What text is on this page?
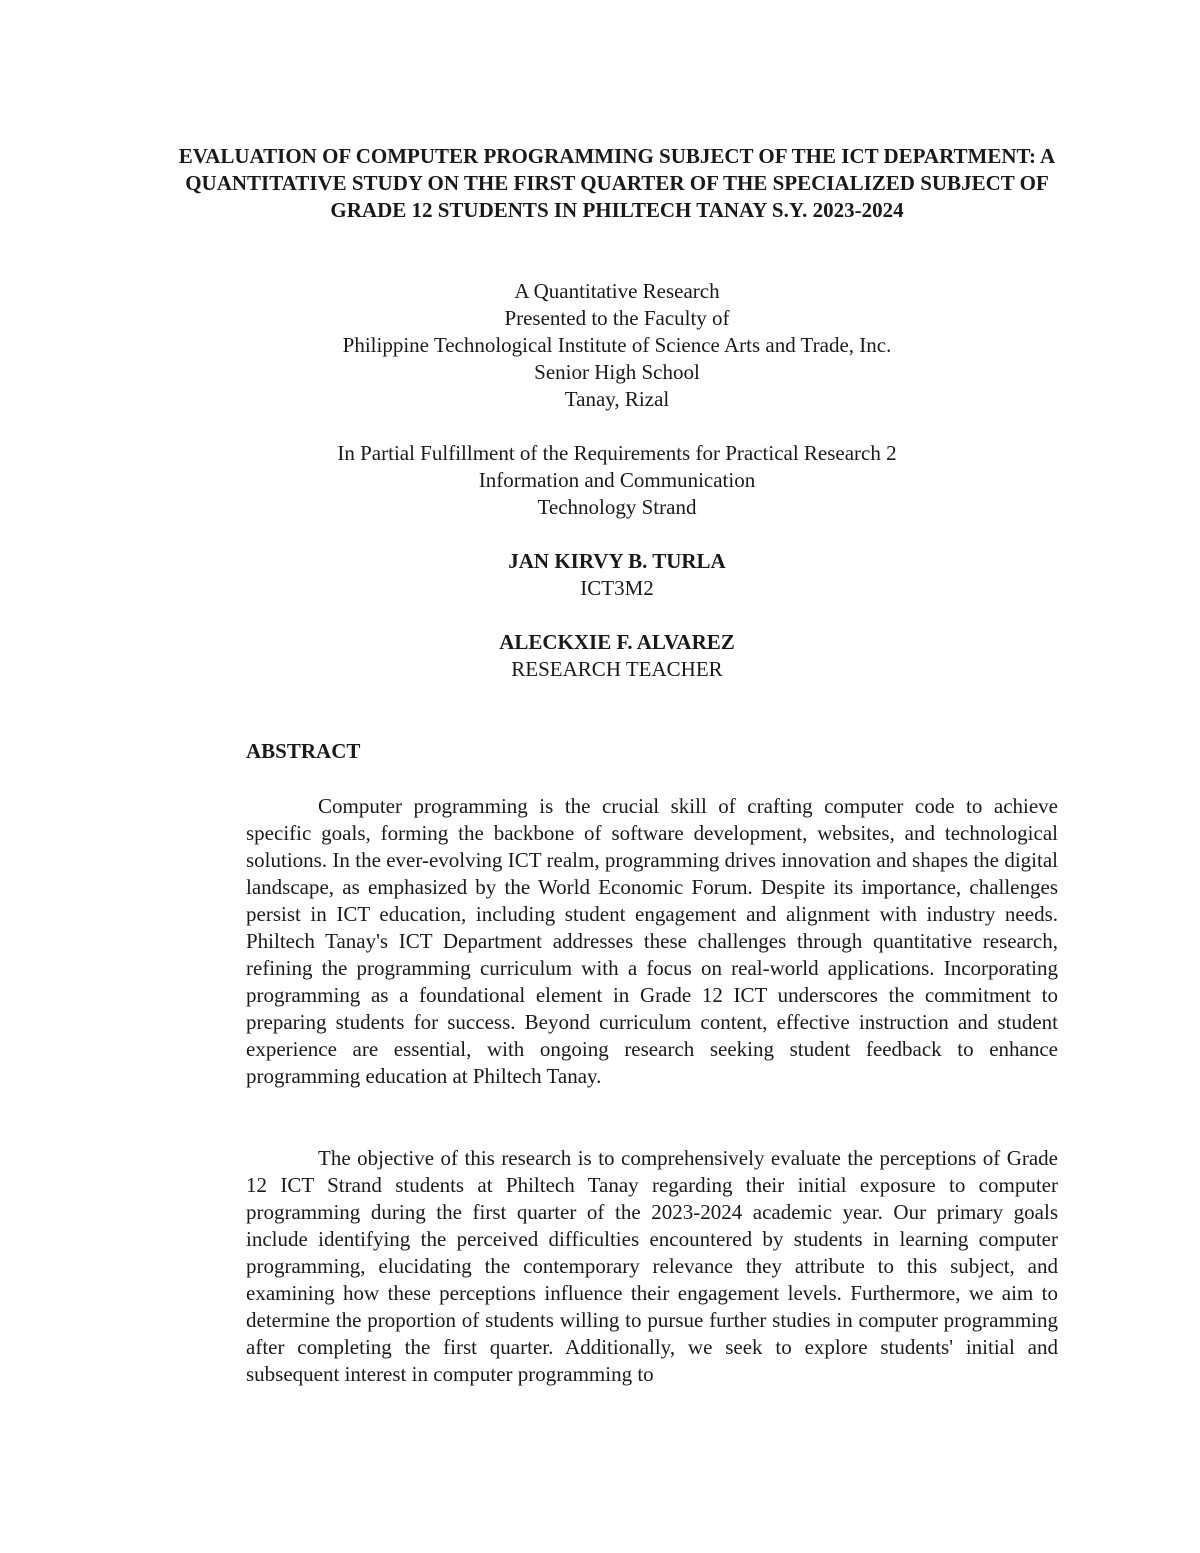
EVALUATION OF COMPUTER PROGRAMMING SUBJECT OF THE ICT DEPARTMENT: A QUANTITATIVE STUDY ON THE FIRST QUARTER OF THE SPECIALIZED SUBJECT OF GRADE 12 STUDENTS IN PHILTECH TANAY S.Y. 2023-2024
A Quantitative Research
Presented to the Faculty of
Philippine Technological Institute of Science Arts and Trade, Inc.
Senior High School
Tanay, Rizal
In Partial Fulfillment of the Requirements for Practical Research 2
Information and Communication
Technology Strand
JAN KIRVY B. TURLA
ICT3M2
ALECKXIE F. ALVAREZ
RESEARCH TEACHER
ABSTRACT

Computer programming is the crucial skill of crafting computer code to achieve specific goals, forming the backbone of software development, websites, and technological solutions. In the ever-evolving ICT realm, programming drives innovation and shapes the digital landscape, as emphasized by the World Economic Forum. Despite its importance, challenges persist in ICT education, including student engagement and alignment with industry needs. Philtech Tanay's ICT Department addresses these challenges through quantitative research, refining the programming curriculum with a focus on real-world applications. Incorporating programming as a foundational element in Grade 12 ICT underscores the commitment to preparing students for success. Beyond curriculum content, effective instruction and student experience are essential, with ongoing research seeking student feedback to enhance programming education at Philtech Tanay.

The objective of this research is to comprehensively evaluate the perceptions of Grade 12 ICT Strand students at Philtech Tanay regarding their initial exposure to computer programming during the first quarter of the 2023-2024 academic year. Our primary goals include identifying the perceived difficulties encountered by students in learning computer programming, elucidating the contemporary relevance they attribute to this subject, and examining how these perceptions influence their engagement levels. Furthermore, we aim to determine the proportion of students willing to pursue further studies in computer programming after completing the first quarter. Additionally, we seek to explore students' initial and subsequent interest in computer programming to
